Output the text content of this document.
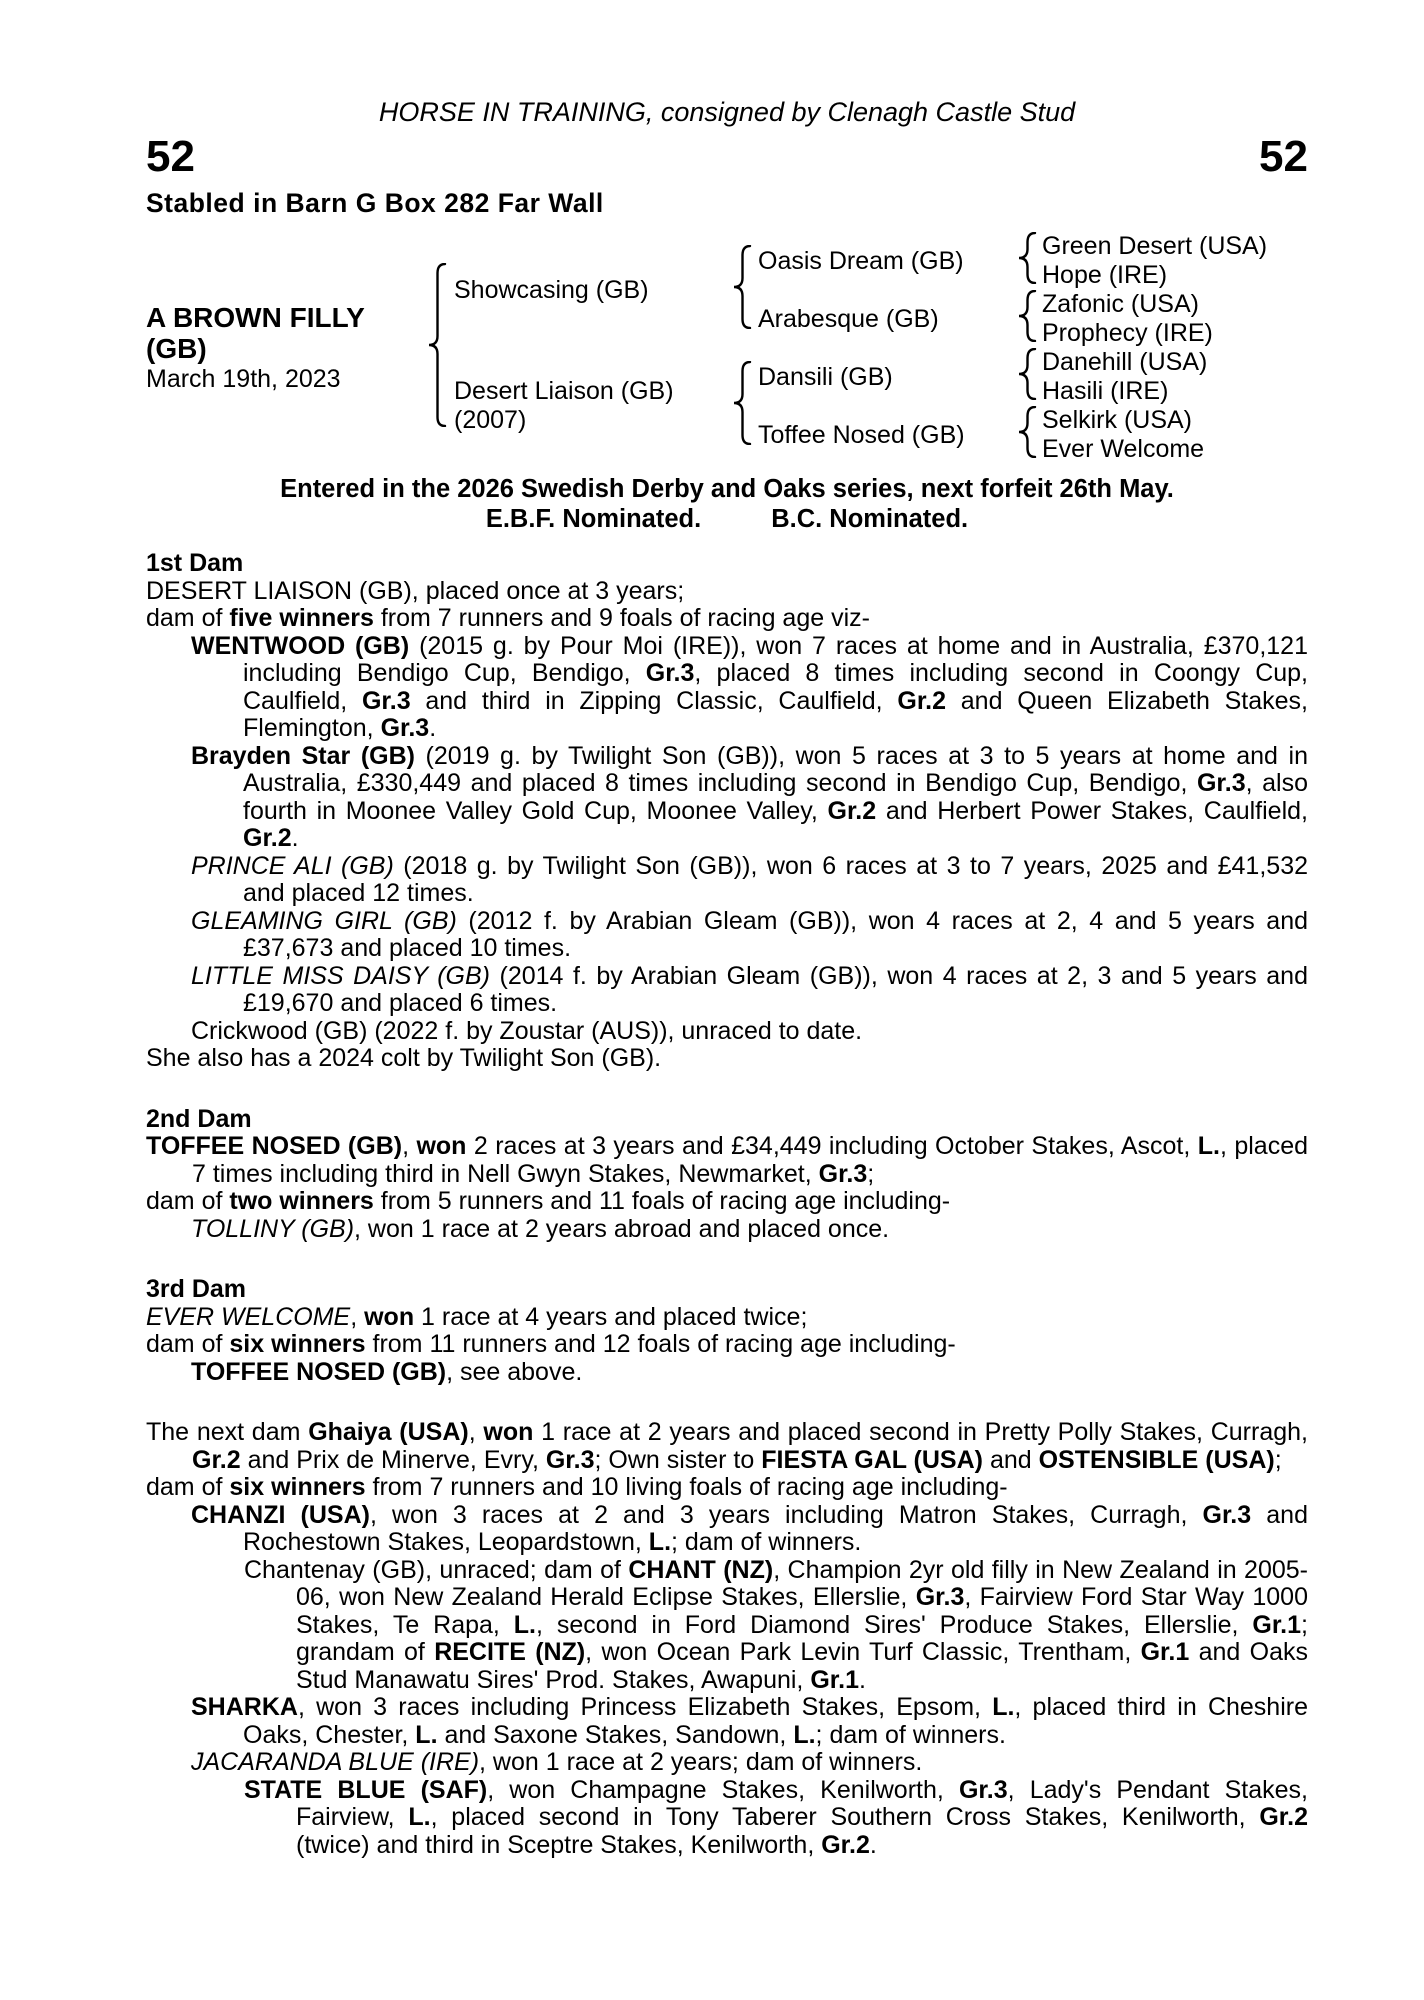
HORSE IN TRAINING, consigned by Clenagh Castle Stud
52	52
Stabled in Barn G Box 282 Far Wall
A BROWN FILLY
(GB)
March 19th, 2023
Showcasing (GB)
Desert Liaison (GB)
(2007)
Oasis Dream (GB)
Arabesque (GB)
Dansili (GB)
Toffee Nosed (GB)
Green Desert (USA)
Hope (IRE)
Zafonic (USA)
Prophecy (IRE)
Danehill (USA)
Hasili (IRE)
Selkirk (USA)
Ever Welcome
Entered in the 2026 Swedish Derby and Oaks series, next forfeit 26th May.
E.B.F. Nominated.	B.C. Nominated.
1st Dam
DESERT LIAISON (GB), placed once at 3 years;
dam of five winners from 7 runners and 9 foals of racing age viz-
WENTWOOD (GB) (2015 g. by Pour Moi (IRE)), won 7 races at home and in Australia, £370,121 including Bendigo Cup, Bendigo, Gr.3, placed 8 times including second in Coongy Cup, Caulfield, Gr.3 and third in Zipping Classic, Caulfield, Gr.2 and Queen Elizabeth Stakes, Flemington, Gr.3.
Brayden Star (GB) (2019 g. by Twilight Son (GB)), won 5 races at 3 to 5 years at home and in Australia, £330,449 and placed 8 times including second in Bendigo Cup, Bendigo, Gr.3, also fourth in Moonee Valley Gold Cup, Moonee Valley, Gr.2 and Herbert Power Stakes, Caulfield, Gr.2.
PRINCE ALI (GB) (2018 g. by Twilight Son (GB)), won 6 races at 3 to 7 years, 2025 and £41,532 and placed 12 times.
GLEAMING GIRL (GB) (2012 f. by Arabian Gleam (GB)), won 4 races at 2, 4 and 5 years and £37,673 and placed 10 times.
LITTLE MISS DAISY (GB) (2014 f. by Arabian Gleam (GB)), won 4 races at 2, 3 and 5 years and £19,670 and placed 6 times.
Crickwood (GB) (2022 f. by Zoustar (AUS)), unraced to date.
She also has a 2024 colt by Twilight Son (GB).
2nd Dam
TOFFEE NOSED (GB), won 2 races at 3 years and £34,449 including October Stakes, Ascot, L., placed 7 times including third in Nell Gwyn Stakes, Newmarket, Gr.3;
dam of two winners from 5 runners and 11 foals of racing age including-
TOLLINY (GB), won 1 race at 2 years abroad and placed once.
3rd Dam
EVER WELCOME, won 1 race at 4 years and placed twice;
dam of six winners from 11 runners and 12 foals of racing age including-
TOFFEE NOSED (GB), see above.
The next dam Ghaiya (USA), won 1 race at 2 years and placed second in Pretty Polly Stakes, Curragh, Gr.2 and Prix de Minerve, Evry, Gr.3; Own sister to FIESTA GAL (USA) and OSTENSIBLE (USA);
dam of six winners from 7 runners and 10 living foals of racing age including-
CHANZI (USA), won 3 races at 2 and 3 years including Matron Stakes, Curragh, Gr.3 and Rochestown Stakes, Leopardstown, L.; dam of winners.
Chantenay (GB), unraced; dam of CHANT (NZ), Champion 2yr old filly in New Zealand in 2005-06, won New Zealand Herald Eclipse Stakes, Ellerslie, Gr.3, Fairview Ford Star Way 1000 Stakes, Te Rapa, L., second in Ford Diamond Sires' Produce Stakes, Ellerslie, Gr.1; grandam of RECITE (NZ), won Ocean Park Levin Turf Classic, Trentham, Gr.1 and Oaks Stud Manawatu Sires' Prod. Stakes, Awapuni, Gr.1.
SHARKA, won 3 races including Princess Elizabeth Stakes, Epsom, L., placed third in Cheshire Oaks, Chester, L. and Saxone Stakes, Sandown, L.; dam of winners.
JACARANDA BLUE (IRE), won 1 race at 2 years; dam of winners.
STATE BLUE (SAF), won Champagne Stakes, Kenilworth, Gr.3, Lady's Pendant Stakes, Fairview, L., placed second in Tony Taberer Southern Cross Stakes, Kenilworth, Gr.2 (twice) and third in Sceptre Stakes, Kenilworth, Gr.2.
